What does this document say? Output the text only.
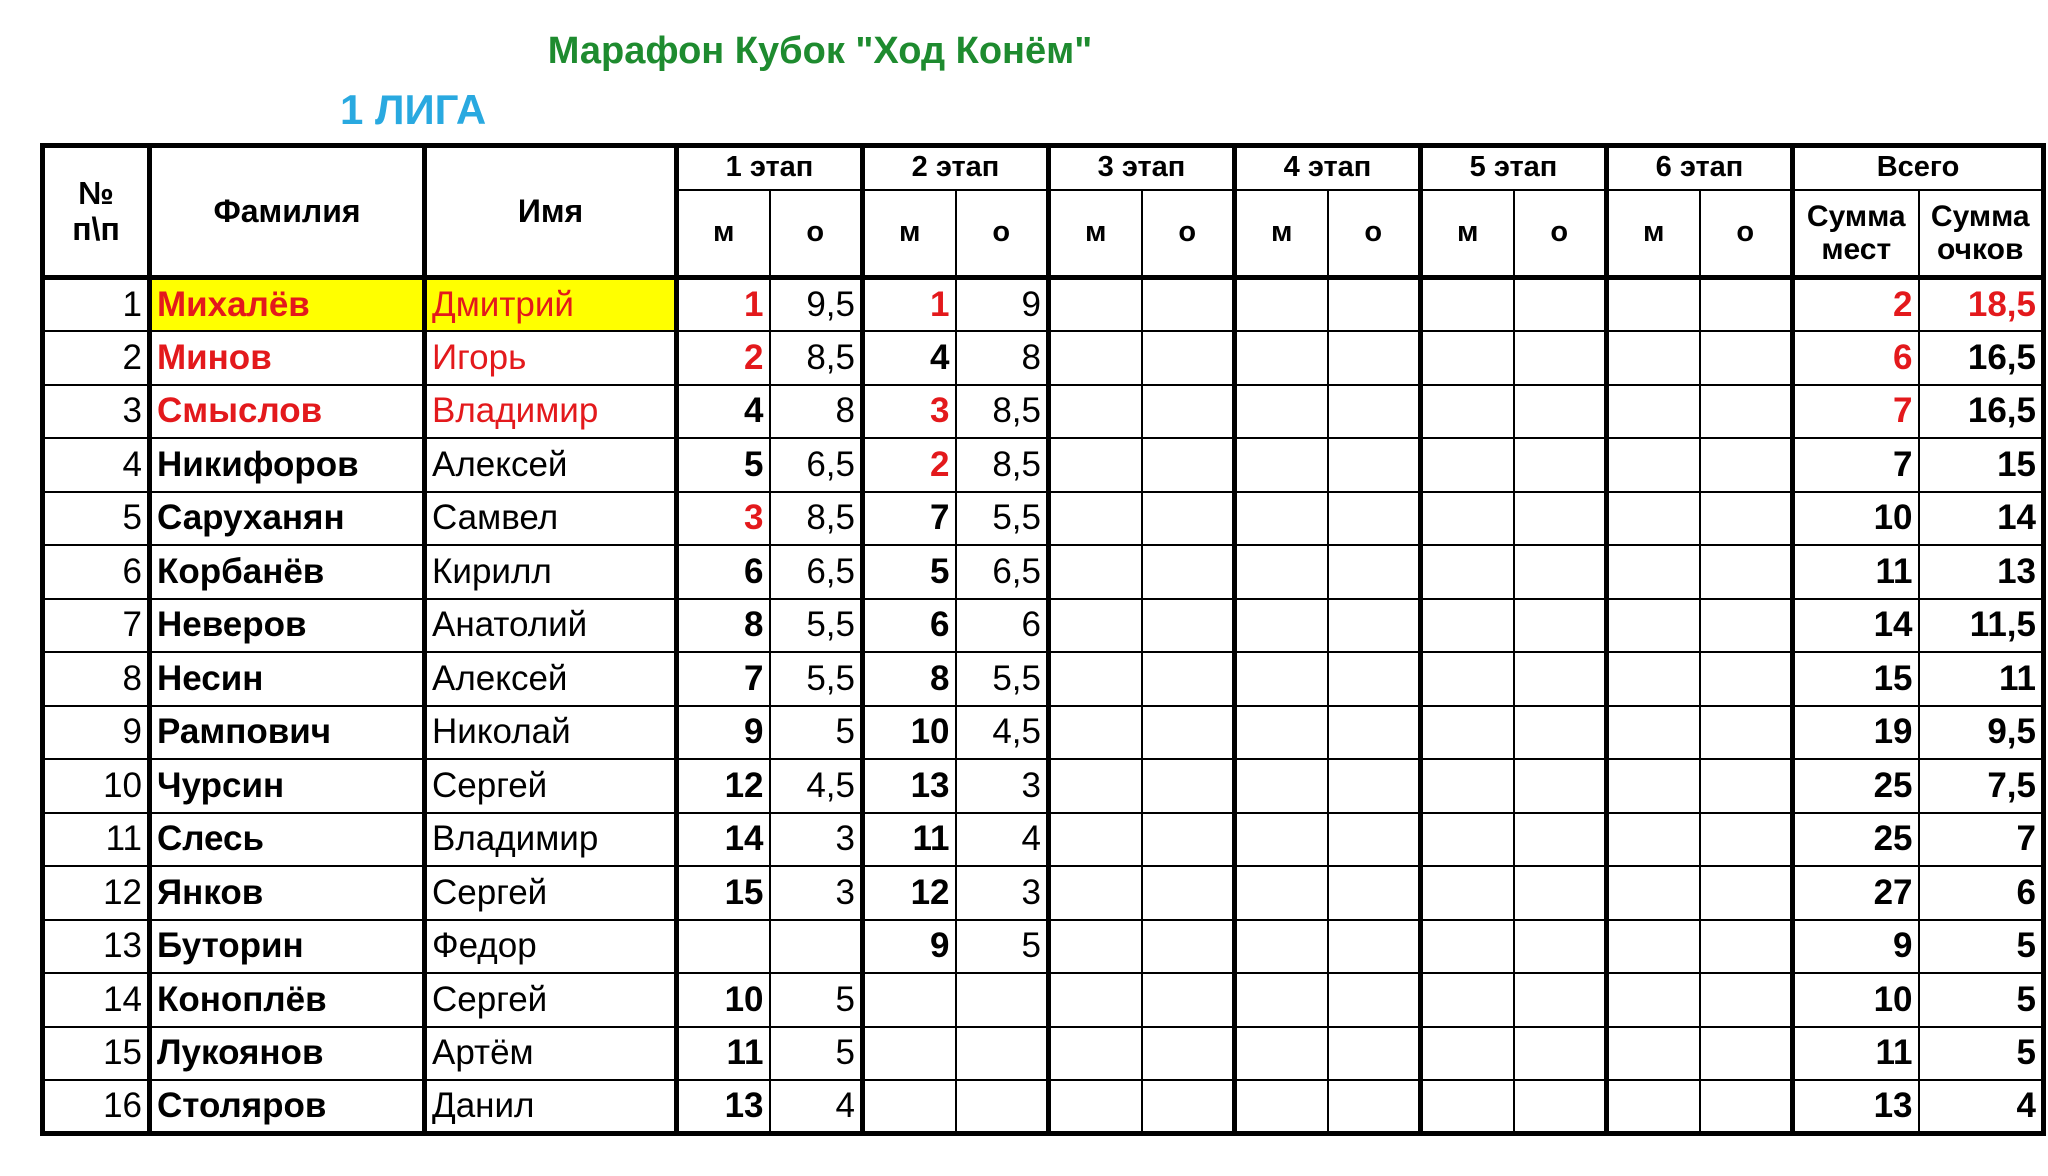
Марафон Кубок "Ход Конём"
1 ЛИГА
№ п\п	Фамилия	Имя	1 этап		2 этап		3 этап		4 этап		5 этап		6 этап		Всего	
			м	о	м	о	м	о	м	о	м	о	м	о	Сумма мест	Сумма очков
1	Михалёв	Дмитрий	1	9,5	1	9									2	18,5
2	Минов	Игорь	2	8,5	4	8									6	16,5
3	Смыслов	Владимир	4	8	3	8,5									7	16,5
4	Никифоров	Алексей	5	6,5	2	8,5									7	15
5	Саруханян	Самвел	3	8,5	7	5,5									10	14
6	Корбанёв	Кирилл	6	6,5	5	6,5									11	13
7	Неверов	Анатолий	8	5,5	6	6									14	11,5
8	Несин	Алексей	7	5,5	8	5,5									15	11
9	Рампович	Николай	9	5	10	4,5									19	9,5
10	Чурсин	Сергей	12	4,5	13	3									25	7,5
11	Слесь	Владимир	14	3	11	4									25	7
12	Янков	Сергей	15	3	12	3									27	6
13	Буторин	Федор			9	5									9	5
14	Коноплёв	Сергей	10	5											10	5
15	Лукоянов	Артём	11	5											11	5
16	Столяров	Данил	13	4											13	4
